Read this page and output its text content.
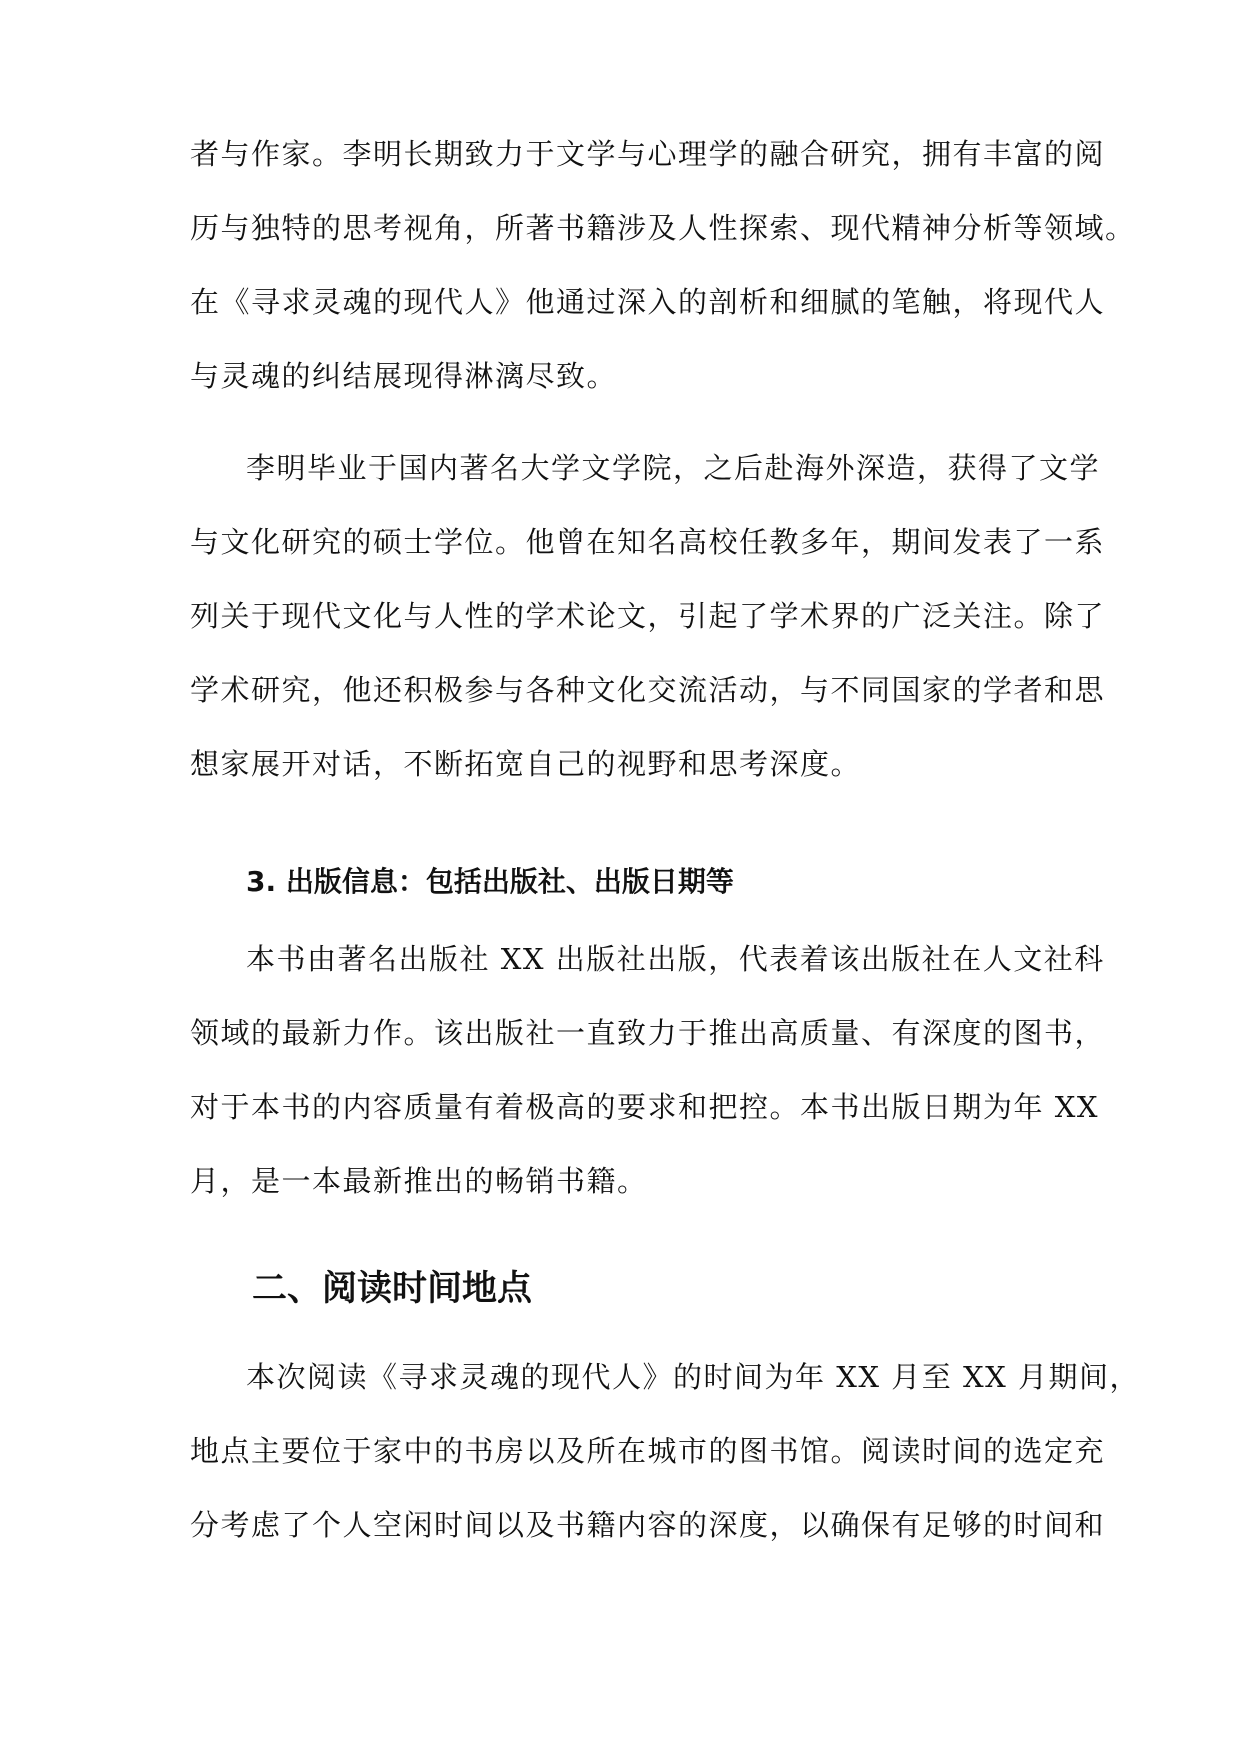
者与作家。李明长期致力于文学与心理学的融合研究，拥有丰富的阅
历与独特的思考视角，所著书籍涉及人性探索、现代精神分析等领域。
在《寻求灵魂的现代人》他通过深入的剖析和细腻的笔触，将现代人
与灵魂的纠结展现得淋漓尽致。
李明毕业于国内著名大学文学院，之后赴海外深造，获得了文学
与文化研究的硕士学位。他曾在知名高校任教多年，期间发表了一系
列关于现代文化与人性的学术论文，引起了学术界的广泛关注。除了
学术研究，他还积极参与各种文化交流活动，与不同国家的学者和思
想家展开对话，不断拓宽自己的视野和思考深度。
3. 出版信息：包括出版社、出版日期等
本书由著名出版社 XX 出版社出版，代表着该出版社在人文社科
领域的最新力作。该出版社一直致力于推出高质量、有深度的图书，
对于本书的内容质量有着极高的要求和把控。本书出版日期为年 XX
月，是一本最新推出的畅销书籍。
二、阅读时间地点
本次阅读《寻求灵魂的现代人》的时间为年 XX 月至 XX 月期间，
地点主要位于家中的书房以及所在城市的图书馆。阅读时间的选定充
分考虑了个人空闲时间以及书籍内容的深度，以确保有足够的时间和
